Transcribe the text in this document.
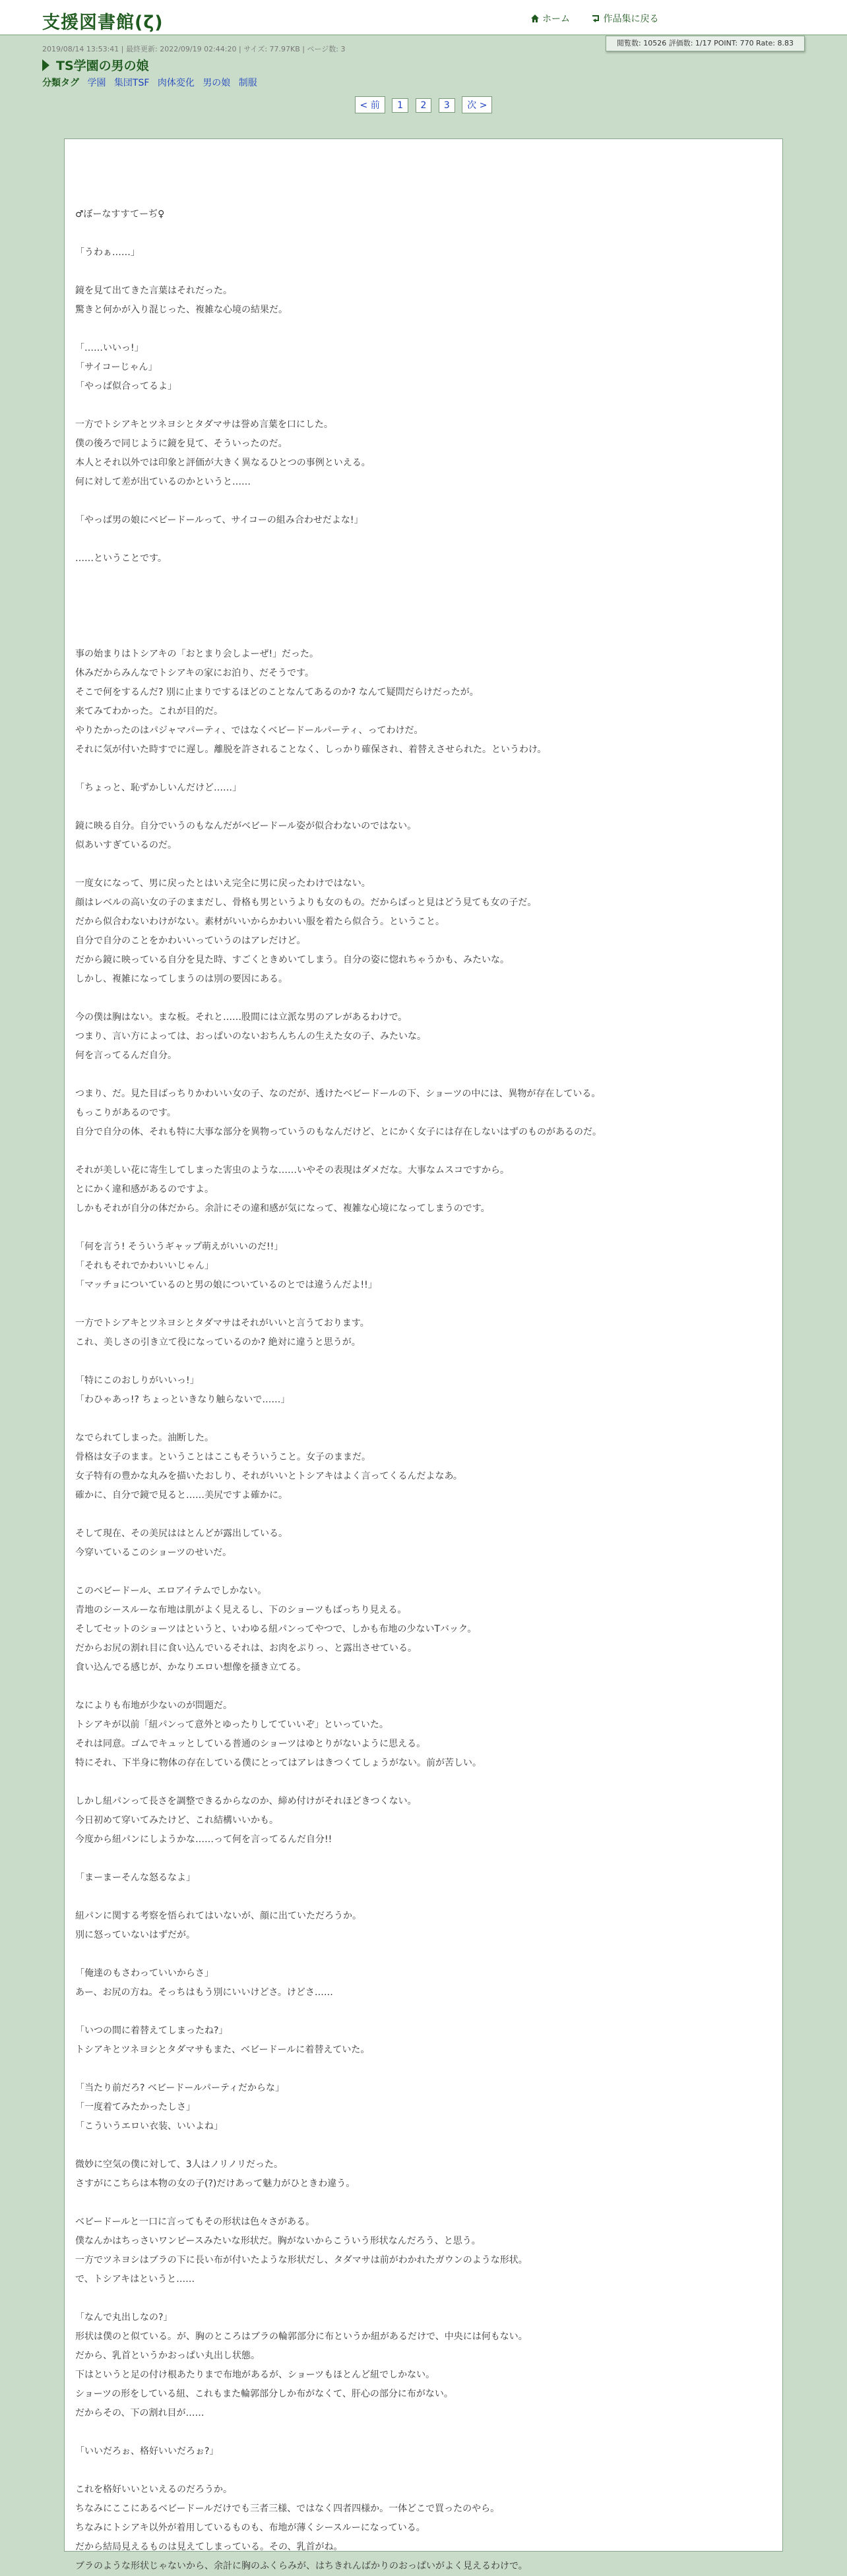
支援図書館(ζ)	ホーム	作品集に戻る
閲覧数: 10526 評価数: 1/17 POINT: 770 Rate: 8.83
2019/08/14 13:53:41 | 最終更新: 2022/09/19 02:44:20 | サイズ: 77.97KB | ページ数: 3
TS学園の男の娘
分類タグ 学園 集団TSF 肉体変化 男の娘 制服
< 前 1 2 3 次 >

♂ぼーなすすてーぢ♀

「うわぁ……」

鏡を見て出てきた言葉はそれだった。

驚きと何かが入り混じった、複雑な心境の結果だ。

「……いいっ!」

「サイコーじゃん」

「やっぱ似合ってるよ」

一方でトシアキとツネヨシとタダマサは誉め言葉を口にした。

僕の後ろで同じように鏡を見て、そういったのだ。

本人とそれ以外では印象と評価が大きく異なるひとつの事例といえる。

何に対して差が出ているのかというと……

「やっぱ男の娘にベビードールって、サイコーの組み合わせだよな!」

……ということです。

事の始まりはトシアキの「おとまり会しよーぜ!」だった。

休みだからみんなでトシアキの家にお泊り、だそうです。

そこで何をするんだ? 別に止まりでするほどのことなんてあるのか? なんて疑問だらけだったが。

来てみてわかった。これが目的だ。

やりたかったのはパジャマパーティ、ではなくベビードールパーティ、ってわけだ。

それに気が付いた時すでに遅し。離脱を許されることなく、しっかり確保され、着替えさせられた。というわけ。

「ちょっと、恥ずかしいんだけど……」

鏡に映る自分。自分でいうのもなんだがベビードール姿が似合わないのではない。

似あいすぎているのだ。

一度女になって、男に戻ったとはいえ完全に男に戻ったわけではない。

顔はレベルの高い女の子のままだし、骨格も男というよりも女のもの。だからぱっと見はどう見ても女の子だ。

だから似合わないわけがない。素材がいいからかわいい服を着たら似合う。ということ。

自分で自分のことをかわいいっていうのはアレだけど。

だから鏡に映っている自分を見た時、すごくときめいてしまう。自分の姿に惚れちゃうかも、みたいな。

しかし、複雑になってしまうのは別の要因にある。

今の僕は胸はない。まな板。それと……股間には立派な男のアレがあるわけで。

つまり、言い方によっては、おっぱいのないおちんちんの生えた女の子、みたいな。

何を言ってるんだ自分。

つまり、だ。見た目ばっちりかわいい女の子、なのだが、透けたベビードールの下、ショーツの中には、異物が存在している。

もっこりがあるのです。

自分で自分の体、それも特に大事な部分を異物っていうのもなんだけど、とにかく女子には存在しないはずのものがあるのだ。

それが美しい花に寄生してしまった害虫のような……いやその表現はダメだな。大事なムスコですから。

とにかく違和感があるのですよ。

しかもそれが自分の体だから。余計にその違和感が気になって、複雑な心境になってしまうのです。

「何を言う! そういうギャップ萌えがいいのだ!!」

「それもそれでかわいいじゃん」

「マッチョについているのと男の娘についているのとでは違うんだよ!!」

一方でトシアキとツネヨシとタダマサはそれがいいと言うております。

これ、美しさの引き立て役になっているのか? 絶対に違うと思うが。

「特にこのおしりがいいっ!」

「わひゃあっ!? ちょっといきなり触らないで……」

なでられてしまった。油断した。

骨格は女子のまま。ということはここもそういうこと。女子のままだ。

女子特有の豊かな丸みを描いたおしり、それがいいとトシアキはよく言ってくるんだよなあ。

確かに、自分で鏡で見ると……美尻ですよ確かに。

そして現在、その美尻ははとんどが露出している。

今穿いているこのショーツのせいだ。

このベビードール、エロアイテムでしかない。

青地のシースルーな布地は肌がよく見えるし、下のショーツもばっちり見える。

そしてセットのショーツはというと、いわゆる紐パンってやつで、しかも布地の少ないTバック。

だからお尻の割れ目に食い込んでいるそれは、お肉をぷりっ、と露出させている。

食い込んでる感じが、かなりエロい想像を掻き立てる。

なによりも布地が少ないのが問題だ。

トシアキが以前「紐パンって意外とゆったりしてていいぞ」といっていた。

それは同意。ゴムでキュッとしている普通のショーツはゆとりがないように思える。

特にそれ、下半身に物体の存在している僕にとってはアレはきつくてしょうがない。前が苦しい。

しかし紐パンって長さを調整できるからなのか、締め付けがそれほどきつくない。

今日初めて穿いてみたけど、これ結構いいかも。

今度から紐パンにしようかな……って何を言ってるんだ自分!!

「まーまーそんな怒るなよ」

紐パンに関する考察を悟られてはいないが、顔に出ていただろうか。

別に怒っていないはずだが。

「俺達のもさわっていいからさ」

あー、お尻の方ね。そっちはもう別にいいけどさ。けどさ……

「いつの間に着替えてしまったね?」

トシアキとツネヨシとタダマサもまた、ベビードールに着替えていた。

「当たり前だろ? ベビードールパーティだからな」

「一度着てみたかったしさ」

「こういうエロい衣装、いいよね」

微妙に空気の僕に対して、3人はノリノリだった。

さすがにこちらは本物の女の子(?)だけあって魅力がひときわ違う。

ベビードールと一口に言ってもその形状は色々さがある。

僕なんかはちっさいワンピースみたいな形状だ。胸がないからこういう形状なんだろう、と思う。

一方でツネヨシはブラの下に長い布が付いたような形状だし、タダマサは前がわかれたガウンのような形状。

で、トシアキはというと……

「なんで丸出しなの?」

形状は僕のと似ている。が、胸のところはブラの輪郭部分に布というか紐があるだけで、中央には何もない。

だから、乳首というかおっぱい丸出し状態。

下はというと足の付け根あたりまで布地があるが、ショーツもほとんど紐でしかない。

ショーツの形をしている紐、これもまた輪郭部分しか布がなくて、肝心の部分に布がない。

だからその、下の割れ目が……

「いいだろぉ、格好いいだろぉ?」

これを格好いいといえるのだろうか。

ちなみにここにあるベビードールだけでも三者三様、ではなく四者四様か。一体どこで買ったのやら。

ちなみにトシアキ以外が着用しているものも、布地が薄くシースルーになっている。

だから結局見えるものは見えてしまっている。その、乳首がね。

ブラのような形状じゃないから、余計に胸のふくらみが、はちきれんばかりのおっぱいがよく見えるわけで。
